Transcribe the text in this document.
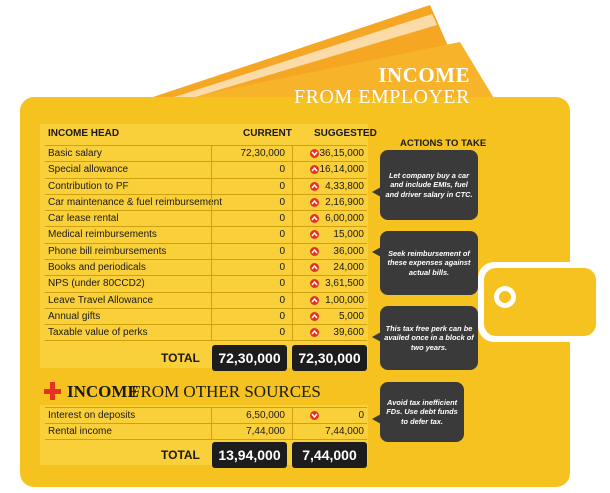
INCOME
FROM EMPLOYER
INCOME HEAD	CURRENT SUGGESTED
Basic salary	72,30,000	36,15,000
Special allowance	0	16,14,000
Contribution to PF	0	4,33,800
Car maintenance & fuel reimbursement	0	2,16,900
Car lease rental	0	6,00,000
Medical reimbursements	0	15,000
Phone bill reimbursements	0	36,000
Books and periodicals	0	24,000
NPS (under 80CCD2)	0	3,61,500
Leave Travel Allowance	0	1,00,000
Annual gifts	0	5,000
Taxable value of perks	0	39,600
TOTAL	72,30,000	72,30,000
INCOME
FROM OTHER SOURCES
Interest on deposits	6,50,000	0
Rental income	7,44,000	7,44,000
TOTAL	13,94,000	7,44,000
ACTIONS TO TAKE
Let company buy a car and include EMIs, fuel and driver salary in CTC.
Seek reimbursement of these expenses against actual bills.
This tax free perk can be availed once in a block of two years.
Avoid tax inefficient FDs. Use debt funds to defer tax.
